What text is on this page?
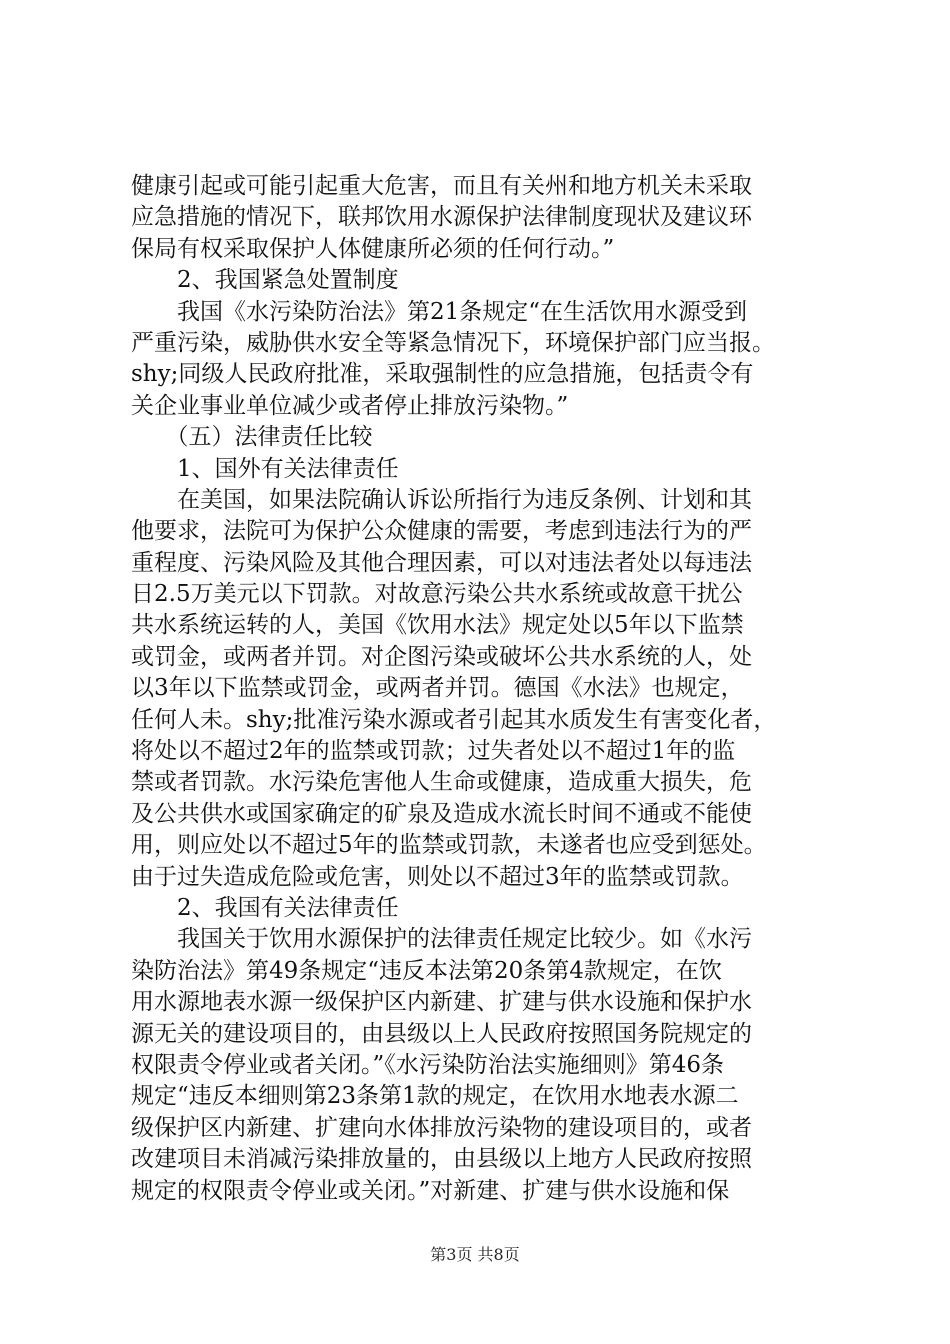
健康引起或可能引起重大危害，而且有关州和地方机关未采取
应急措施的情况下，联邦饮用水源保护法律制度现状及建议环
保局有权采取保护人体健康所必须的任何行动。”
　　2、我国紧急处置制度
　　我国《水污染防治法》第21条规定“在生活饮用水源受到
严重污染，威胁供水安全等紧急情况下，环境保护部门应当报。
shy;同级人民政府批准，采取强制性的应急措施，包括责令有
关企业事业单位减少或者停止排放污染物。”
　　（五）法律责任比较
　　1、国外有关法律责任
　　在美国，如果法院确认诉讼所指行为违反条例、计划和其
他要求，法院可为保护公众健康的需要，考虑到违法行为的严
重程度、污染风险及其他合理因素，可以对违法者处以每违法
日2.5万美元以下罚款。对故意污染公共水系统或故意干扰公
共水系统运转的人，美国《饮用水法》规定处以5年以下监禁
或罚金，或两者并罚。对企图污染或破坏公共水系统的人，处
以3年以下监禁或罚金，或两者并罚。德国《水法》也规定，
任何人未。shy;批准污染水源或者引起其水质发生有害变化者，
将处以不超过2年的监禁或罚款；过失者处以不超过1年的监
禁或者罚款。水污染危害他人生命或健康，造成重大损失，危
及公共供水或国家确定的矿泉及造成水流长时间不通或不能使
用，则应处以不超过5年的监禁或罚款，未遂者也应受到惩处。
由于过失造成危险或危害，则处以不超过3年的监禁或罚款。
　　2、我国有关法律责任
　　我国关于饮用水源保护的法律责任规定比较少。如《水污
染防治法》第49条规定“违反本法第20条第4款规定，在饮
用水源地表水源一级保护区内新建、扩建与供水设施和保护水
源无关的建设项目的，由县级以上人民政府按照国务院规定的
权限责令停业或者关闭。”《水污染防治法实施细则》第46条
规定“违反本细则第23条第1款的规定，在饮用水地表水源二
级保护区内新建、扩建向水体排放污染物的建设项目的，或者
改建项目未消减污染排放量的，由县级以上地方人民政府按照
规定的权限责令停业或关闭。”对新建、扩建与供水设施和保
第3页 共8页
